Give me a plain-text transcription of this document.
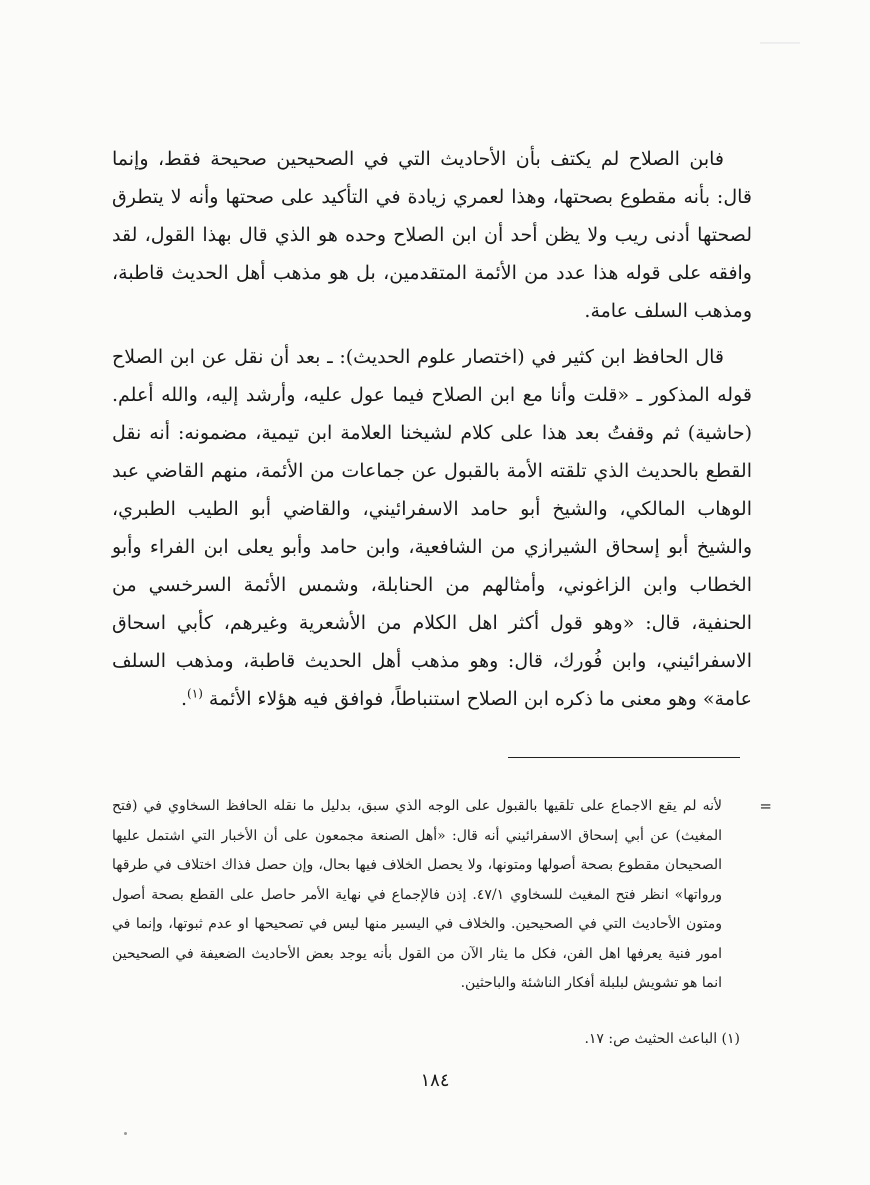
فابن الصلاح لم يكتف بأن الأحاديث التي في الصحيحين صحيحة فقط، وإنما قال: بأنه مقطوع بصحتها، وهذا لعمري زيادة في التأكيد على صحتها وأنه لا يتطرق لصحتها أدنى ريب ولا يظن أحد أن ابن الصلاح وحده هو الذي قال بهذا القول، لقد وافقه على قوله هذا عدد من الأئمة المتقدمين، بل هو مذهب أهل الحديث قاطبة، ومذهب السلف عامة.

قال الحافظ ابن كثير في (اختصار علوم الحديث): ـ بعد أن نقل عن ابن الصلاح قوله المذكور ـ «قلت وأنا مع ابن الصلاح فيما عول عليه، وأرشد إليه، والله أعلم. (حاشية) ثم وقفتُ بعد هذا على كلام لشيخنا العلامة ابن تيمية، مضمونه: أنه نقل القطع بالحديث الذي تلقته الأمة بالقبول عن جماعات من الأئمة، منهم القاضي عبد الوهاب المالكي، والشيخ أبو حامد الاسفرائيني، والقاضي أبو الطيب الطبري، والشيخ أبو إسحاق الشيرازي من الشافعية، وابن حامد وأبو يعلى ابن الفراء وأبو الخطاب وابن الزاغوني، وأمثالهم من الحنابلة، وشمس الأئمة السرخسي من الحنفية، قال: «وهو قول أكثر اهل الكلام من الأشعرية وغيرهم، كأبي اسحاق الاسفرائيني، وابن فُورك، قال: وهو مذهب أهل الحديث قاطبة، ومذهب السلف عامة» وهو معنى ما ذكره ابن الصلاح استنباطاً، فوافق فيه هؤلاء الأئمة $^{(١)}$.

=
لأنه لم يقع الاجماع على تلقيها بالقبول على الوجه الذي سبق، بدليل ما نقله الحافظ السخاوي في (فتح المغيث) عن أبي إسحاق الاسفرائيني أنه قال: «أهل الصنعة مجمعون على أن الأخبار التي اشتمل عليها الصحيحان مقطوع بصحة أصولها ومتونها، ولا يحصل الخلاف فيها بحال، وإن حصل فذاك اختلاف في طرقها ورواتها» انظر فتح المغيث للسخاوي ٤٧/١. إذن فالإجماع في نهاية الأمر حاصل على القطع بصحة أصول ومتون الأحاديث التي في الصحيحين. والخلاف في اليسير منها ليس في تصحيحها او عدم ثبوتها، وإنما في امور فنية يعرفها اهل الفن، فكل ما يثار الآن من القول بأنه يوجد بعض الأحاديث الضعيفة في الصحيحين انما هو تشويش لبلبلة أفكار الناشئة والباحثين.
(١) الباعث الحثيث ص: ١٧.
١٨٤
